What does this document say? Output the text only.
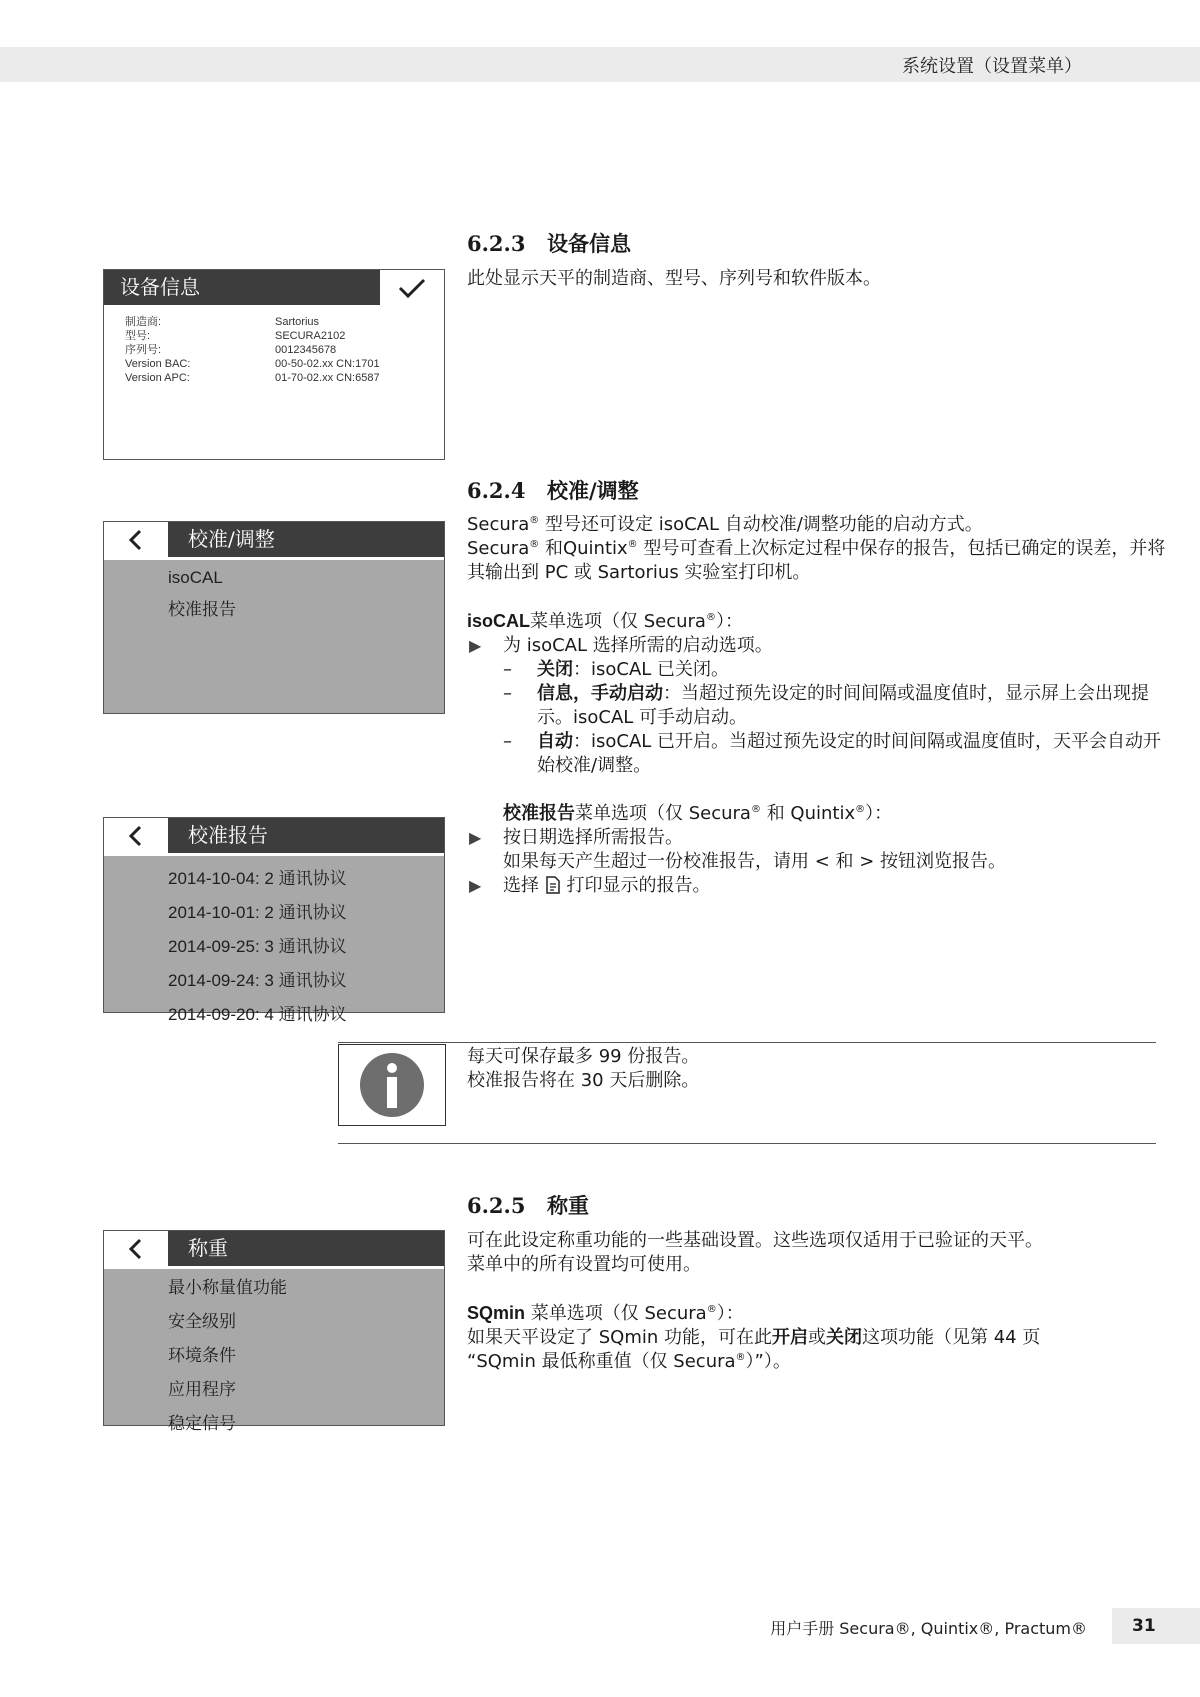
系统设置（设置菜单）
6.2.3 设备信息

此处显示天平的制造商、型号、序列号和软件版本。

设备信息
制造商:	Sartorius
型号:	SECURA2102
序列号:	0012345678
Version BAC:	00-50-02.xx CN:1701
Version APC:	01-70-02.xx CN:6587
6.2.4 校准/调整

Secura® 型号还可设定 isoCAL 自动校准/调整功能的启动方式。

Secura® 和Quintix® 型号可查看上次标定过程中保存的报告，包括已确定的误差，并将其输出到 PC 或 Sartorius 实验室打印机。

isoCAL菜单选项（仅 Secura®）：

▶ 为 isoCAL 选择所需的启动选项。
– 关闭：isoCAL 已关闭。
– 信息，手动启动：当超过预先设定的时间间隔或温度值时，显示屏上会出现提示。isoCAL 可手动启动。
– 自动：isoCAL 已开启。当超过预先设定的时间间隔或温度值时，天平会自动开始校准/调整。

校准报告菜单选项（仅 Secura® 和 Quintix®）：

▶ 按日期选择所需报告。

如果每天产生超过一份校准报告，请用 < 和 > 按钮浏览报告。

▶ 选择  打印显示的报告。
校准/调整
isoCAL
校准报告
校准报告
2014-10-04: 2 通讯协议
2014-10-01: 2 通讯协议
2014-09-25: 3 通讯协议
2014-09-24: 3 通讯协议
2014-09-20: 4 通讯协议

每天可保存最多 99 份报告。

校准报告将在 30 天后删除。

6.2.5 称重

可在此设定称重功能的一些基础设置。这些选项仅适用于已验证的天平。

菜单中的所有设置均可使用。

SQmin 菜单选项（仅 Secura®）：

如果天平设定了 SQmin 功能，可在此开启或关闭这项功能（见第 44 页

“SQmin 最低称重值（仅 Secura®）”）。

称重
最小称量值功能
安全级别
环境条件
应用程序
稳定信号
用户手册 Secura®, Quintix®, Practum®	31
